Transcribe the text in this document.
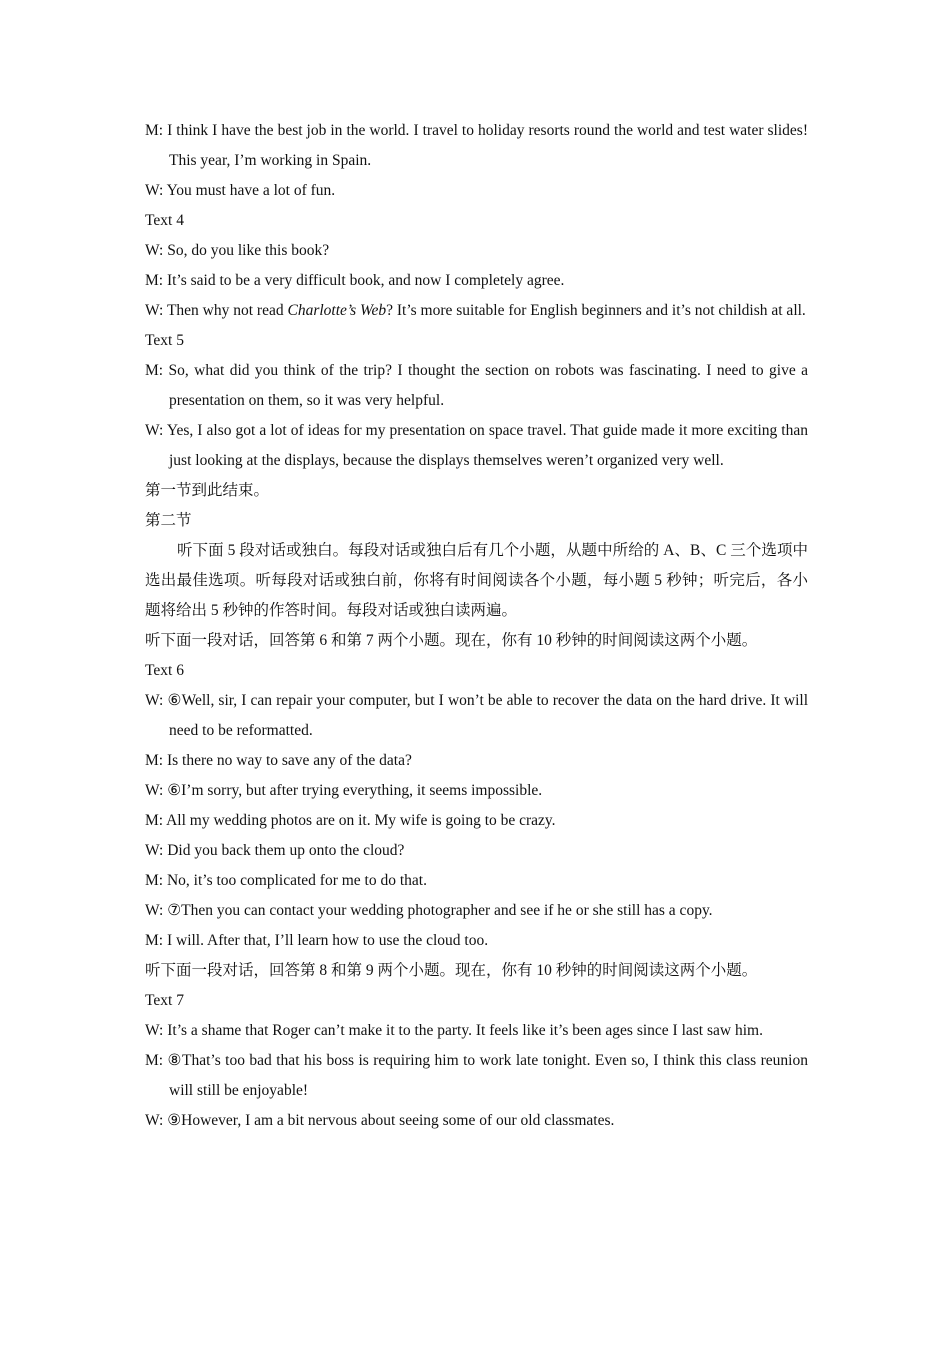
M: I think I have the best job in the world. I travel to holiday resorts round the world and test water slides! This year, I’m working in Spain.

W: You must have a lot of fun.

Text 4

W: So, do you like this book?

M: It’s said to be a very difficult book, and now I completely agree.

W: Then why not read Charlotte’s Web? It’s more suitable for English beginners and it’s not childish at all.

Text 5

M: So, what did you think of the trip? I thought the section on robots was fascinating. I need to give a presentation on them, so it was very helpful.

W: Yes, I also got a lot of ideas for my presentation on space travel. That guide made it more exciting than just looking at the displays, because the displays themselves weren’t organized very well.

第一节到此结束。

第二节

听下面 5 段对话或独白。每段对话或独白后有几个小题，从题中所给的 A、B、C 三个选项中选出最佳选项。听每段对话或独白前，你将有时间阅读各个小题，每小题 5 秒钟；听完后，各小题将给出 5 秒钟的作答时间。每段对话或独白读两遍。

听下面一段对话，回答第 6 和第 7 两个小题。现在，你有 10 秒钟的时间阅读这两个小题。

Text 6

W: ⑥Well, sir, I can repair your computer, but I won’t be able to recover the data on the hard drive. It will need to be reformatted.

M: Is there no way to save any of the data?

W: ⑥I’m sorry, but after trying everything, it seems impossible.

M: All my wedding photos are on it. My wife is going to be crazy.

W: Did you back them up onto the cloud?

M: No, it’s too complicated for me to do that.

W: ⑦Then you can contact your wedding photographer and see if he or she still has a copy.

M: I will. After that, I’ll learn how to use the cloud too.

听下面一段对话，回答第 8 和第 9 两个小题。现在，你有 10 秒钟的时间阅读这两个小题。

Text 7

W: It’s a shame that Roger can’t make it to the party. It feels like it’s been ages since I last saw him.

M: ⑧That’s too bad that his boss is requiring him to work late tonight. Even so, I think this class reunion will still be enjoyable!

W: ⑨However, I am a bit nervous about seeing some of our old classmates.
